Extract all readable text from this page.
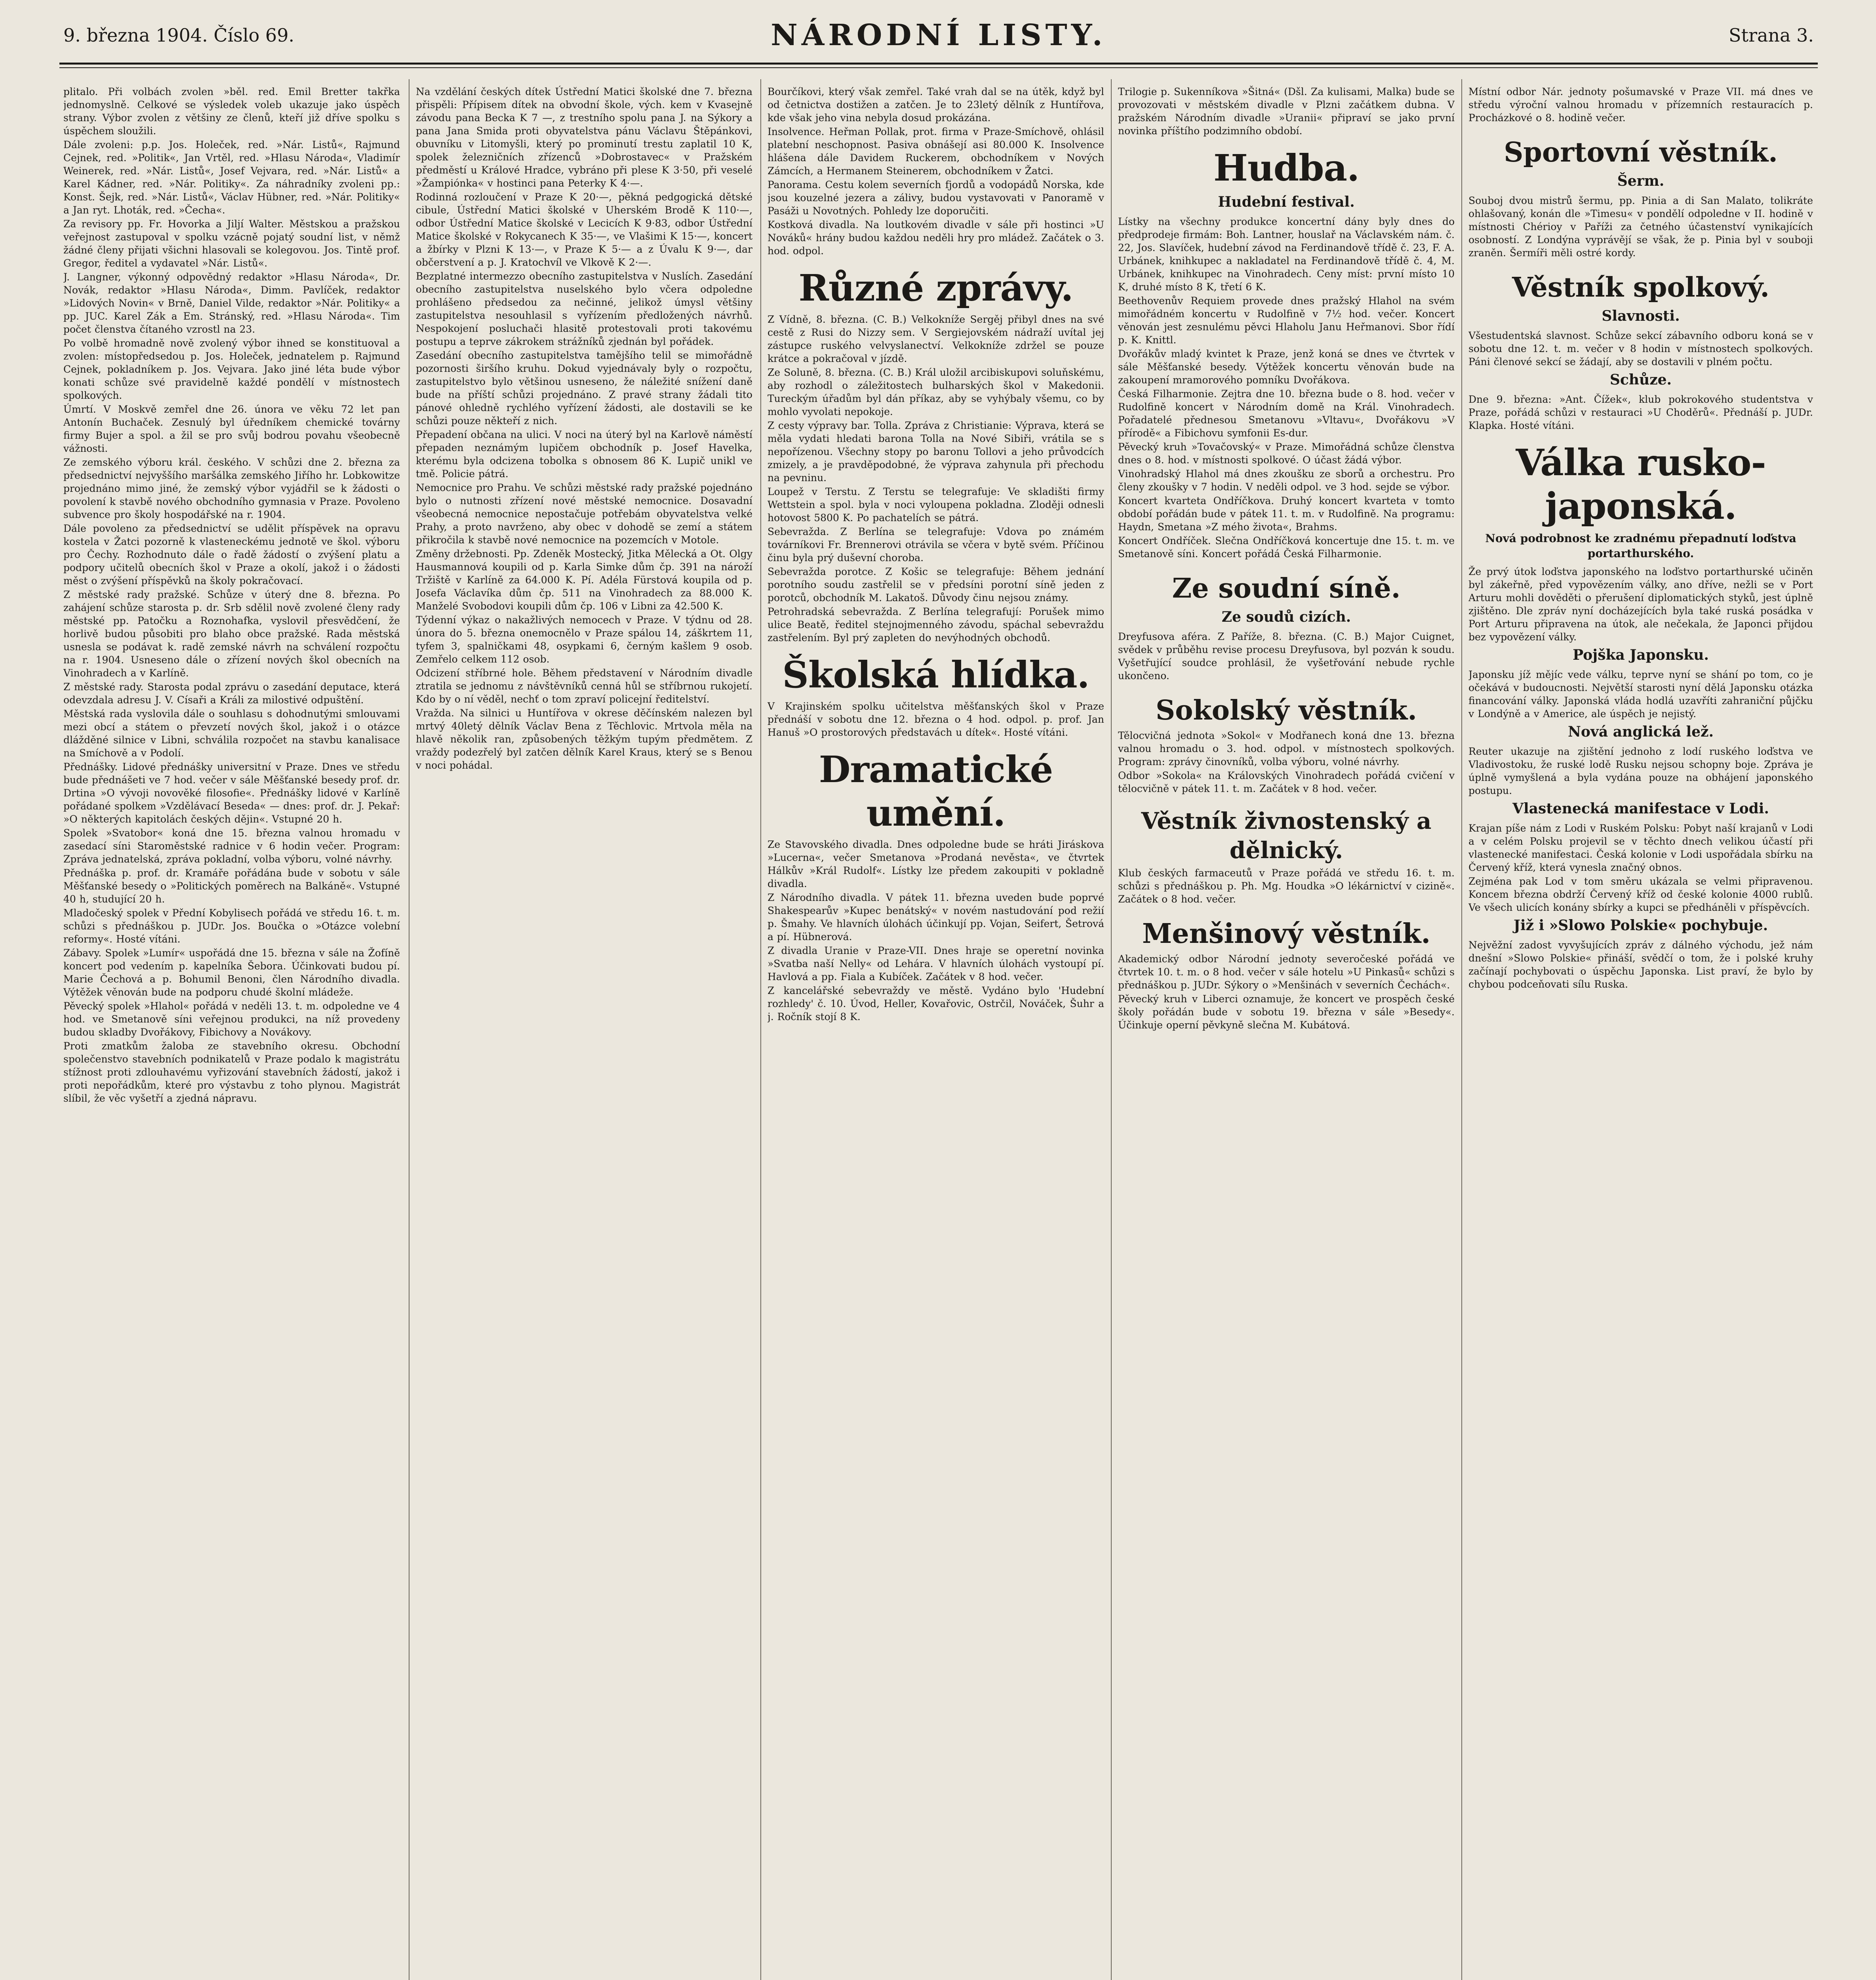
9. března 1904. Číslo 69.	NÁRODNÍ LISTY.	Strana 3.

plitalo. Při volbách zvolen »běl. red. Emil Bretter takřka jednomyslně. Celkové se výsledek voleb ukazuje jako úspěch strany. Výbor zvolen z většiny ze členů, kteří již dříve spolku s úspěchem sloužili.

Dále zvoleni: p.p. Jos. Holeček, red. »Nár. Listů«, Rajmund Cejnek, red. »Politik«, Jan Vrtěl, red. »Hlasu Národa«, Vladimír Weinerek, red. »Nár. Listů«, Josef Vejvara, red. »Nár. Listů« a Karel Kádner, red. »Nár. Politiky«. Za náhradníky zvoleni pp.: Konst. Šejk, red. »Nár. Listů«, Václav Hübner, red. »Nár. Politiky« a Jan ryt. Lhoták, red. »Čecha«.

Za revisory pp. Fr. Hovorka a Jiljí Walter. Městskou a pražskou veřejnost zastupoval v spolku vzácně pojatý soudní list, v němž žádné členy přijati všichni hlasovali se kolegovou. Jos. Tintě prof. Gregor, ředitel a vydavatel »Nár. Listů«.

J. Langner, výkonný odpovědný redaktor »Hlasu Národa«, Dr. Novák, redaktor »Hlasu Národa«, Dimm. Pavlíček, redaktor »Lidových Novin« v Brně, Daniel Vilde, redaktor »Nár. Politiky« a pp. JUC. Karel Zák a Em. Stránský, red. »Hlasu Národa«. Tim počet členstva čítaného vzrostl na 23.

Po volbě hromadně nově zvolený výbor ihned se konstituoval a zvolen: místopředsedou p. Jos. Holeček, jednatelem p. Rajmund Cejnek, pokladníkem p. Jos. Vejvara. Jako jiné léta bude výbor konati schůze své pravidelně každé pondělí v místnostech spolkových.

Úmrtí. V Moskvě zemřel dne 26. února ve věku 72 let pan Antonín Buchaček. Zesnulý byl úředníkem chemické továrny firmy Bujer a spol. a žil se pro svůj bodrou povahu všeobecně vážnosti.

Ze zemského výboru král. českého. V schůzi dne 2. března za předsednictví nejvyššího maršálka zemského Jiřího hr. Lobkowitze projednáno mimo jiné, že zemský výbor vyjádřil se k žádosti o povolení k stavbě nového obchodního gymnasia v Praze. Povoleno subvence pro školy hospodářské na r. 1904.

Dále povoleno za předsednictví se udělit příspěvek na opravu kostela v Žatci pozorně k vlasteneckému jednotě ve škol. výboru pro Čechy. Rozhodnuto dále o řadě žádostí o zvýšení platu a podpory učitelů obecních škol v Praze a okolí, jakož i o žádosti měst o zvýšení příspěvků na školy pokračovací.

Z městské rady pražské. Schůze v úterý dne 8. března. Po zahájení schůze starosta p. dr. Srb sdělil nově zvolené členy rady městské pp. Patočku a Roznohafka, vyslovil přesvědčení, že horlivě budou působiti pro blaho obce pražské. Rada městská usnesla se podávat k. radě zemské návrh na schválení rozpočtu na r. 1904. Usneseno dále o zřízení nových škol obecních na Vinohradech a v Karlíně.

Z městské rady. Starosta podal zprávu o zasedání deputace, která odevzdala adresu J. V. Císaři a Králi za milostivé odpuštění.

Městská rada vyslovila dále o souhlasu s dohodnutými smlouvami mezi obcí a státem o převzetí nových škol, jakož i o otázce dlážděné silnice v Libni, schválila rozpočet na stavbu kanalisace na Smíchově a v Podolí.

Přednášky. Lidové přednášky universitní v Praze. Dnes ve středu bude přednášeti ve 7 hod. večer v sále Měšťanské besedy prof. dr. Drtina »O vývoji novověké filosofie«. Přednášky lidové v Karlíně pořádané spolkem »Vzdělávací Beseda« — dnes: prof. dr. J. Pekař: »O některých kapitolách českých dějin«. Vstupné 20 h.

Spolek »Svatobor« koná dne 15. března valnou hromadu v zasedací síni Staroměstské radnice v 6 hodin večer. Program: Zpráva jednatelská, zpráva pokladní, volba výboru, volné návrhy.

Přednáška p. prof. dr. Kramáře pořádána bude v sobotu v sále Měšťanské besedy o »Politických poměrech na Balkáně«. Vstupné 40 h, studující 20 h.

Mladočeský spolek v Přední Kobylisech pořádá ve středu 16. t. m. schůzi s přednáškou p. JUDr. Jos. Boučka o »Otázce volební reformy«. Hosté vítáni.

Zábavy. Spolek »Lumír« uspořádá dne 15. března v sále na Žofíně koncert pod vedením p. kapelníka Šebora. Účinkovati budou pí. Marie Čechová a p. Bohumil Benoni, člen Národního divadla. Výtěžek věnován bude na podporu chudé školní mládeže.

Pěvecký spolek »Hlahol« pořádá v neděli 13. t. m. odpoledne ve 4 hod. ve Smetanově síni veřejnou produkci, na níž provedeny budou skladby Dvořákovy, Fibichovy a Novákovy.

Proti zmatkům žaloba ze stavebního okresu. Obchodní společenstvo stavebních podnikatelů v Praze podalo k magistrátu stížnost proti zdlouhavému vyřizování stavebních žádostí, jakož i proti nepořádkům, které pro výstavbu z toho plynou. Magistrát slíbil, že věc vyšetří a zjedná nápravu.

Na vzdělání českých dítek Ústřední Matici školské dne 7. března přispěli: Přípisem dítek na obvodní škole, vých. kem v Kvasejně závodu pana Becka K 7 —, z trestního spolu pana J. na Sýkory a pana Jana Smida proti obyvatelstva pánu Václavu Štěpánkovi, obuvníku v Litomyšli, který po prominutí trestu zaplatil 10 K, spolek železničních zřízenců »Dobrostavec« v Pražském předměstí u Králové Hradce, vybráno při plese K 3·50, při veselé »Žampiónka« v hostinci pana Peterky K 4·—.

Rodinná rozloučení v Praze K 20·—, pěkná pedgogická dětské cibule, Ústřední Matici školské v Uherském Brodě K 110·—, odbor Ústřední Matice školské v Lecicích K 9·83, odbor Ústřední Matice školské v Rokycanech K 35·—, ve Vlašimi K 15·—, koncert a žbírky v Plzni K 13·—, v Praze K 5·— a z Úvalu K 9·—, dar občerstvení a p. J. Kratochvíl ve Vlkově K 2·—.

Bezplatné intermezzo obecního zastupitelstva v Nuslích. Zasedání obecního zastupitelstva nuselského bylo včera odpoledne prohlášeno předsedou za nečinné, jelikož úmysl většiny zastupitelstva nesouhlasil s vyřízením předložených návrhů. Nespokojení posluchači hlasitě protestovali proti takovému postupu a teprve zákrokem strážníků zjednán byl pořádek.

Zasedání obecního zastupitelstva tamějšího telil se mimořádně pozornosti širšího kruhu. Dokud vyjednávaly byly o rozpočtu, zastupitelstvo bylo většinou usneseno, že náležité snížení daně bude na příští schůzi projednáno. Z pravé strany žádali tito pánové ohledně rychlého vyřízení žádosti, ale dostavili se ke schůzi pouze někteří z nich.

Přepadení občana na ulici. V noci na úterý byl na Karlově náměstí přepaden neznámým lupičem obchodník p. Josef Havelka, kterému byla odcizena tobolka s obnosem 86 K. Lupič unikl ve tmě. Policie pátrá.

Nemocnice pro Prahu. Ve schůzi městské rady pražské pojednáno bylo o nutnosti zřízení nové městské nemocnice. Dosavadní všeobecná nemocnice nepostačuje potřebám obyvatelstva velké Prahy, a proto navrženo, aby obec v dohodě se zemí a státem přikročila k stavbě nové nemocnice na pozemcích v Motole.

Změny držebnosti. Pp. Zdeněk Mostecký, Jitka Mělecká a Ot. Olgy Hausmannová koupili od p. Karla Simke dům čp. 391 na nároží Tržiště v Karlíně za 64.000 K. Pí. Adéla Fürstová koupila od p. Josefa Václavíka dům čp. 511 na Vinohradech za 88.000 K. Manželé Svobodovi koupili dům čp. 106 v Libni za 42.500 K.

Týdenní výkaz o nakažlivých nemocech v Praze. V týdnu od 28. února do 5. března onemocnělo v Praze spálou 14, záškrtem 11, tyfem 3, spalničkami 48, osypkami 6, černým kašlem 9 osob. Zemřelo celkem 112 osob.

Odcizení stříbrné hole. Během představení v Národním divadle ztratila se jednomu z návštěvníků cenná hůl se stříbrnou rukojetí. Kdo by o ní věděl, nechť o tom zpraví policejní ředitelství.

Vražda. Na silnici u Huntířova v okrese děčínském nalezen byl mrtvý 40letý dělník Václav Bena z Těchlovic. Mrtvola měla na hlavě několik ran, způsobených těžkým tupým předmětem. Z vraždy podezřelý byl zatčen dělník Karel Kraus, který se s Benou v noci pohádal.

Bourčíkovi, který však zemřel. Také vrah dal se na útěk, když byl od četnictva dostižen a zatčen. Je to 23letý dělník z Huntířova, kde však jeho vina nebyla dosud prokázána.

Insolvence. Heřman Pollak, prot. firma v Praze-Smíchově, ohlásil platební neschopnost. Pasiva obnášejí asi 80.000 K. Insolvence hlášena dále Davidem Ruckerem, obchodníkem v Nových Zámcích, a Hermanem Steinerem, obchodníkem v Žatci.

Panorama. Cestu kolem severních fjordů a vodopádů Norska, kde jsou kouzelné jezera a zálivy, budou vystavovati v Panoramě v Pasáži u Novotných. Pohledy lze doporučiti.

Kostková divadla. Na loutkovém divadle v sále při hostinci »U Nováků« hrány budou každou neděli hry pro mládež. Začátek o 3. hod. odpol.

Různé zprávy.

Z Vídně, 8. března. (C. B.) Velkokníže Sergěj přibyl dnes na své cestě z Rusi do Nizzy sem. V Sergiejovském nádraží uvítal jej zástupce ruského velvyslanectví. Velkokníže zdržel se pouze krátce a pokračoval v jízdě.

Ze Soluně, 8. března. (C. B.) Král uložil arcibiskupovi soluňskému, aby rozhodl o záležitostech bulharských škol v Makedonii. Tureckým úřadům byl dán příkaz, aby se vyhýbaly všemu, co by mohlo vyvolati nepokoje.

Z cesty výpravy bar. Tolla. Zpráva z Christianie: Výprava, která se měla vydati hledati barona Tolla na Nové Sibiři, vrátila se s nepořízenou. Všechny stopy po baronu Tollovi a jeho průvodcích zmizely, a je pravděpodobné, že výprava zahynula při přechodu na pevninu.

Loupež v Terstu. Z Terstu se telegrafuje: Ve skladišti firmy Wettstein a spol. byla v noci vyloupena pokladna. Zloději odnesli hotovost 5800 K. Po pachatelích se pátrá.

Sebevražda. Z Berlína se telegrafuje: Vdova po známém továrníkovi Fr. Brennerovi otrávila se včera v bytě svém. Příčinou činu byla prý duševní choroba.

Sebevražda porotce. Z Košic se telegrafuje: Během jednání porotního soudu zastřelil se v předsíni porotní síně jeden z porotců, obchodník M. Lakatoš. Důvody činu nejsou známy.

Petrohradská sebevražda. Z Berlína telegrafují: Porušek mimo ulice Beatě, ředitel stejnojmenného závodu, spáchal sebevraždu zastřelením. Byl prý zapleten do nevýhodných obchodů.

Školská hlídka.

V Krajinském spolku učitelstva měšťanských škol v Praze přednáší v sobotu dne 12. března o 4 hod. odpol. p. prof. Jan Hanuš »O prostorových představách u dítek«. Hosté vítáni.

Dramatické umění.

Ze Stavovského divadla. Dnes odpoledne bude se hráti Jiráskova »Lucerna«, večer Smetanova »Prodaná nevěsta«, ve čtvrtek Hálkův »Král Rudolf«. Lístky lze předem zakoupiti v pokladně divadla.

Z Národního divadla. V pátek 11. března uveden bude poprvé Shakespearův »Kupec benátský« v novém nastudování pod režií p. Šmahy. Ve hlavních úlohách účinkují pp. Vojan, Seifert, Šetrová a pí. Hübnerová.

Z divadla Uranie v Praze-VII. Dnes hraje se operetní novinka »Svatba naší Nelly« od Lehára. V hlavních úlohách vystoupí pí. Havlová a pp. Fiala a Kubíček. Začátek v 8 hod. večer.

Z kancelářské sebevraždy ve městě. Vydáno bylo 'Hudební rozhledy' č. 10. Úvod, Heller, Kovařovic, Ostrčil, Nováček, Šuhr a j. Ročník stojí 8 K.

Trilogie p. Sukenníkova »Šitná« (Dšl. Za kulisami, Malka) bude se provozovati v městském divadle v Plzni začátkem dubna. V pražském Národním divadle »Uranii« připraví se jako první novinka příštího podzimního období.

Hudba.
Hudební festival.

Lístky na všechny produkce koncertní dány byly dnes do předprodeje firmám: Boh. Lantner, houslař na Václavském nám. č. 22, Jos. Slavíček, hudební závod na Ferdinandově třídě č. 23, F. A. Urbánek, knihkupec a nakladatel na Ferdinandově třídě č. 4, M. Urbánek, knihkupec na Vinohradech. Ceny míst: první místo 10 K, druhé místo 8 K, třetí 6 K.

Beethovenův Requiem provede dnes pražský Hlahol na svém mimořádném koncertu v Rudolfině v 7½ hod. večer. Koncert věnován jest zesnulému pěvci Hlaholu Janu Heřmanovi. Sbor řídí p. K. Knittl.

Dvořákův mladý kvintet k Praze, jenž koná se dnes ve čtvrtek v sále Měšťanské besedy. Výtěžek koncertu věnován bude na zakoupení mramorového pomníku Dvořákova.

Česká Filharmonie. Zejtra dne 10. března bude o 8. hod. večer v Rudolfině koncert v Národním domě na Král. Vinohradech. Pořadatelé přednesou Smetanovu »Vltavu«, Dvořákovu »V přírodě« a Fibichovu symfonii Es-dur.

Pěvecký kruh »Tovačovský« v Praze. Mimořádná schůze členstva dnes o 8. hod. v místnosti spolkové. O účast žádá výbor.

Vinohradský Hlahol má dnes zkoušku ze sborů a orchestru. Pro členy zkoušky v 7 hodin. V neděli odpol. ve 3 hod. sejde se výbor.

Koncert kvarteta Ondříčkova. Druhý koncert kvarteta v tomto období pořádán bude v pátek 11. t. m. v Rudolfině. Na programu: Haydn, Smetana »Z mého života«, Brahms.

Koncert Ondříček. Slečna Ondříčková koncertuje dne 15. t. m. ve Smetanově síni. Koncert pořádá Česká Filharmonie.

Ze soudní síně.
Ze soudů cizích.

Dreyfusova aféra. Z Paříže, 8. března. (C. B.) Major Cuignet, svědek v průběhu revise procesu Dreyfusova, byl pozván k soudu. Vyšetřující soudce prohlásil, že vyšetřování nebude rychle ukončeno.

Sokolský věstník.

Tělocvičná jednota »Sokol« v Modřanech koná dne 13. března valnou hromadu o 3. hod. odpol. v místnostech spolkových. Program: zprávy činovníků, volba výboru, volné návrhy.

Odbor »Sokola« na Královských Vinohradech pořádá cvičení v tělocvičně v pátek 11. t. m. Začátek v 8 hod. večer.

Věstník živnostenský a dělnický.

Klub českých farmaceutů v Praze pořádá ve středu 16. t. m. schůzi s přednáškou p. Ph. Mg. Houdka »O lékárnictví v cizině«. Začátek o 8 hod. večer.

Menšinový věstník.

Akademický odbor Národní jednoty severočeské pořádá ve čtvrtek 10. t. m. o 8 hod. večer v sále hotelu »U Pinkasů« schůzi s přednáškou p. JUDr. Sýkory o »Menšinách v severních Čechách«.

Pěvecký kruh v Liberci oznamuje, že koncert ve prospěch české školy pořádán bude v sobotu 19. března v sále »Besedy«. Účinkuje operní pěvkyně slečna M. Kubátová.

Místní odbor Nár. jednoty pošumavské v Praze VII. má dnes ve středu výroční valnou hromadu v přízemních restauracích p. Procházkové o 8. hodině večer.

Sportovní věstník.
Šerm.

Souboj dvou mistrů šermu, pp. Pinia a di San Malato, tolikráte ohlašovaný, konán dle »Timesu« v pondělí odpoledne v II. hodině v místnosti Chérioy v Paříži za četného účastenství vynikajících osobností. Z Londýna vyprávějí se však, že p. Pinia byl v souboji zraněn. Šermíři měli ostré kordy.

Věstník spolkový.
Slavnosti.

Všestudentská slavnost. Schůze sekcí zábavního odboru koná se v sobotu dne 12. t. m. večer v 8 hodin v místnostech spolkových. Páni členové sekcí se žádají, aby se dostavili v plném počtu.

Schůze.

Dne 9. března: »Ant. Čížek«, klub pokrokového studentstva v Praze, pořádá schůzi v restauraci »U Choděrů«. Přednáší p. JUDr. Klapka. Hosté vítáni.

Válka rusko-japonská.
Nová podrobnost ke zradnému přepadnutí loďstva portarthurského.

Že prvý útok loďstva japonského na loďstvo portarthurské učiněn byl zákeřně, před vypovězením války, ano dříve, nežli se v Port Arturu mohli dověděti o přerušení diplomatických styků, jest úplně zjištěno. Dle zpráv nyní docházejících byla také ruská posádka v Port Arturu připravena na útok, ale nečekala, že Japonci přijdou bez vypovězení války.

Pojška Japonsku.

Japonsku jíž mějíc vede válku, teprve nyní se shání po tom, co je očekává v budoucnosti. Největší starosti nyní dělá Japonsku otázka financování války. Japonská vláda hodlá uzavříti zahraniční půjčku v Londýně a v Americe, ale úspěch je nejistý.

Nová anglická lež.

Reuter ukazuje na zjištění jednoho z lodí ruského loďstva ve Vladivostoku, že ruské lodě Rusku nejsou schopny boje. Zpráva je úplně vymyšlená a byla vydána pouze na obhájení japonského postupu.

Vlastenecká manifestace v Lodi.

Krajan píše nám z Lodi v Ruském Polsku: Pobyt naší krajanů v Lodi a v celém Polsku projevil se v těchto dnech velikou účastí při vlastenecké manifestaci. Česká kolonie v Lodi uspořádala sbírku na Červený kříž, která vynesla značný obnos.

Zejména pak Lod v tom směru ukázala se velmi připravenou. Koncem března obdrží Červený kříž od české kolonie 4000 rublů. Ve všech ulicích konány sbírky a kupci se předháněli v příspěvcích.

Již i »Slowo Polskie« pochybuje.

Nejvěžní zadost vyvyšujících zpráv z dálného východu, jež nám dnešní »Slowo Polskie« přináší, svědčí o tom, že i polské kruhy začínají pochybovati o úspěchu Japonska. List praví, že bylo by chybou podceňovati sílu Ruska.
